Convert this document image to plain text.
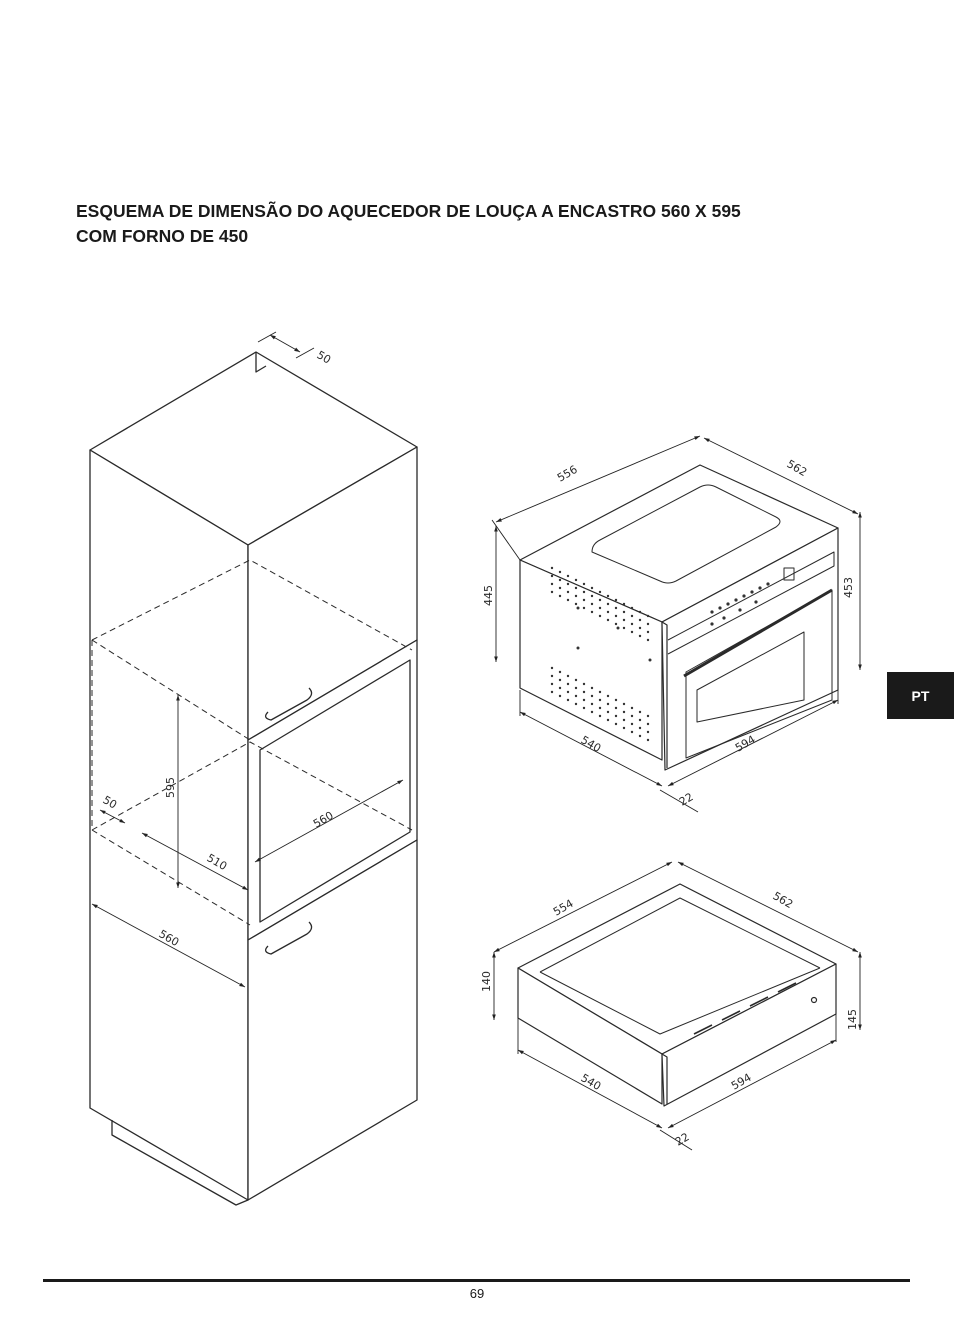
ESQUEMA DE DIMENSÃO DO AQUECEDOR DE LOUÇA A ENCASTRO 560 X 595
COM FORNO DE 450
50
595
50
510
560
560
556	562
445	453
540	594
22
554	562
140
145
540	594
22
PT
69
